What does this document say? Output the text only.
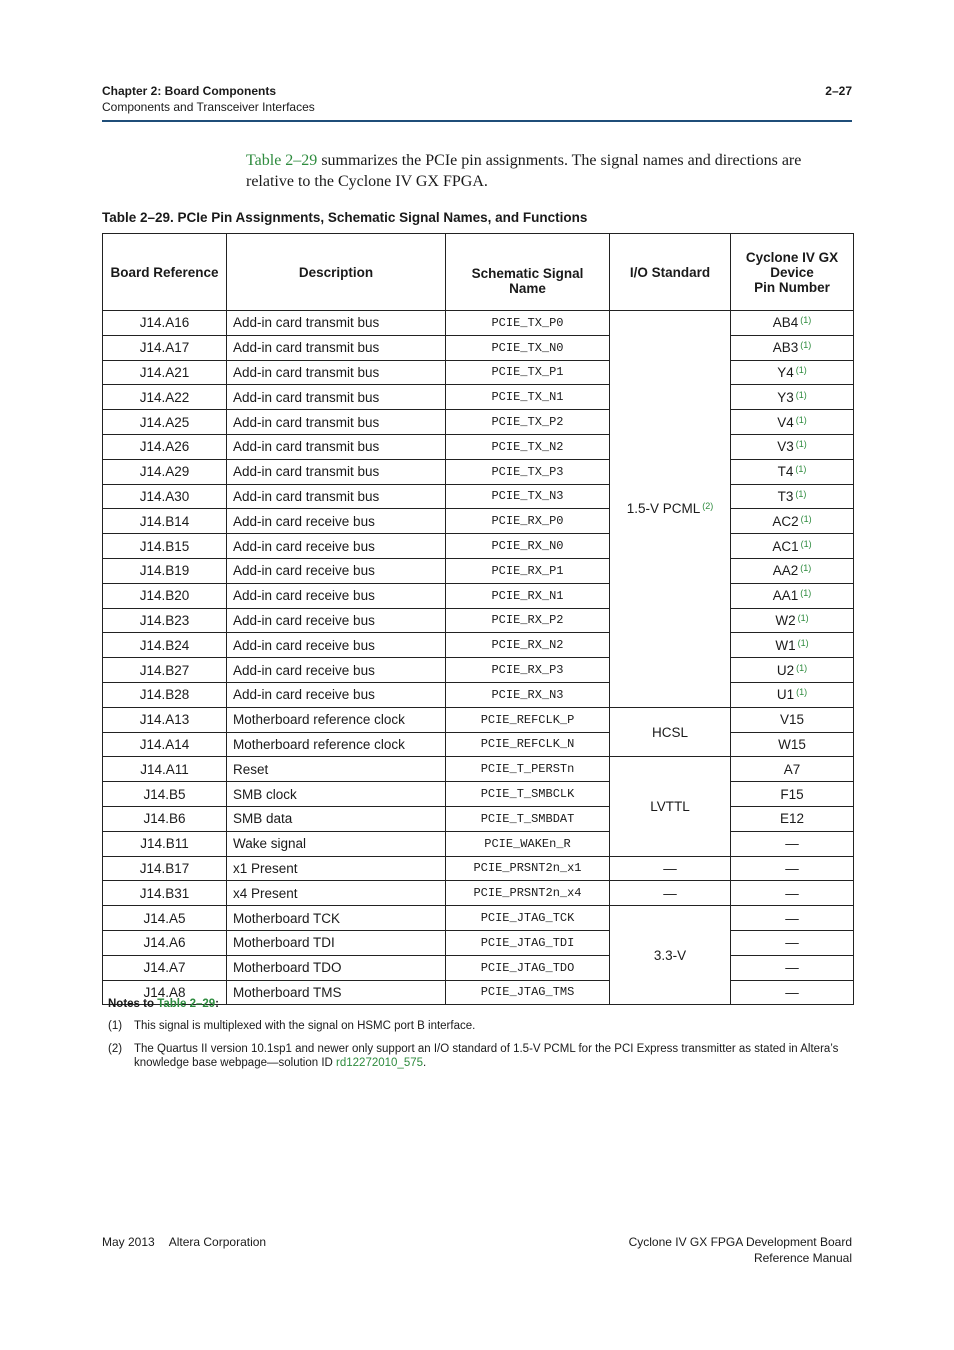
Chapter 2: Board Components
Components and Transceiver Interfaces
2–27
Table 2–29 summarizes the PCIe pin assignments. The signal names and directions are relative to the Cyclone IV GX FPGA.
Table 2–29. PCIe Pin Assignments, Schematic Signal Names, and Functions
Board Reference	Description	Schematic Signal Name	I/O Standard	Cyclone IV GX
Device
Pin Number
J14.A16	Add-in card transmit bus	PCIE_TX_P0	1.5-V PCML $^{(2)}$	AB4 $^{(1)}$
J14.A17	Add-in card transmit bus	PCIE_TX_N0		AB3 $^{(1)}$
J14.A21	Add-in card transmit bus	PCIE_TX_P1		Y4 $^{(1)}$
J14.A22	Add-in card transmit bus	PCIE_TX_N1		Y3 $^{(1)}$
J14.A25	Add-in card transmit bus	PCIE_TX_P2		V4 $^{(1)}$
J14.A26	Add-in card transmit bus	PCIE_TX_N2		V3 $^{(1)}$
J14.A29	Add-in card transmit bus	PCIE_TX_P3		T4 $^{(1)}$
J14.A30	Add-in card transmit bus	PCIE_TX_N3		T3 $^{(1)}$
J14.B14	Add-in card receive bus	PCIE_RX_P0		AC2 $^{(1)}$
J14.B15	Add-in card receive bus	PCIE_RX_N0		AC1 $^{(1)}$
J14.B19	Add-in card receive bus	PCIE_RX_P1		AA2 $^{(1)}$
J14.B20	Add-in card receive bus	PCIE_RX_N1		AA1 $^{(1)}$
J14.B23	Add-in card receive bus	PCIE_RX_P2		W2 $^{(1)}$
J14.B24	Add-in card receive bus	PCIE_RX_N2		W1 $^{(1)}$
J14.B27	Add-in card receive bus	PCIE_RX_P3		U2 $^{(1)}$
J14.B28	Add-in card receive bus	PCIE_RX_N3		U1 $^{(1)}$
J14.A13	Motherboard reference clock	PCIE_REFCLK_P	HCSL	V15
J14.A14	Motherboard reference clock	PCIE_REFCLK_N		W15
J14.A11	Reset	PCIE_T_PERSTn	LVTTL	A7
J14.B5	SMB clock	PCIE_T_SMBCLK		F15
J14.B6	SMB data	PCIE_T_SMBDAT		E12
J14.B11	Wake signal	PCIE_WAKEn_R		—
J14.B17	x1 Present	PCIE_PRSNT2n_x1	—	—
J14.B31	x4 Present	PCIE_PRSNT2n_x4	—	—
J14.A5	Motherboard TCK	PCIE_JTAG_TCK	3.3-V	—
J14.A6	Motherboard TDI	PCIE_JTAG_TDI		—
J14.A7	Motherboard TDO	PCIE_JTAG_TDO		—
J14.A8	Motherboard TMS	PCIE_JTAG_TMS		—
Notes to Table 2–29:
(1) This signal is multiplexed with the signal on HSMC port B interface.
(2) The Quartus II version 10.1sp1 and newer only support an I/O standard of 1.5-V PCML for the PCI Express transmitter as stated in Altera’s knowledge base webpage—solution ID rd12272010_575.
May 2013 Altera Corporation	Cyclone IV GX FPGA Development Board
Reference Manual
